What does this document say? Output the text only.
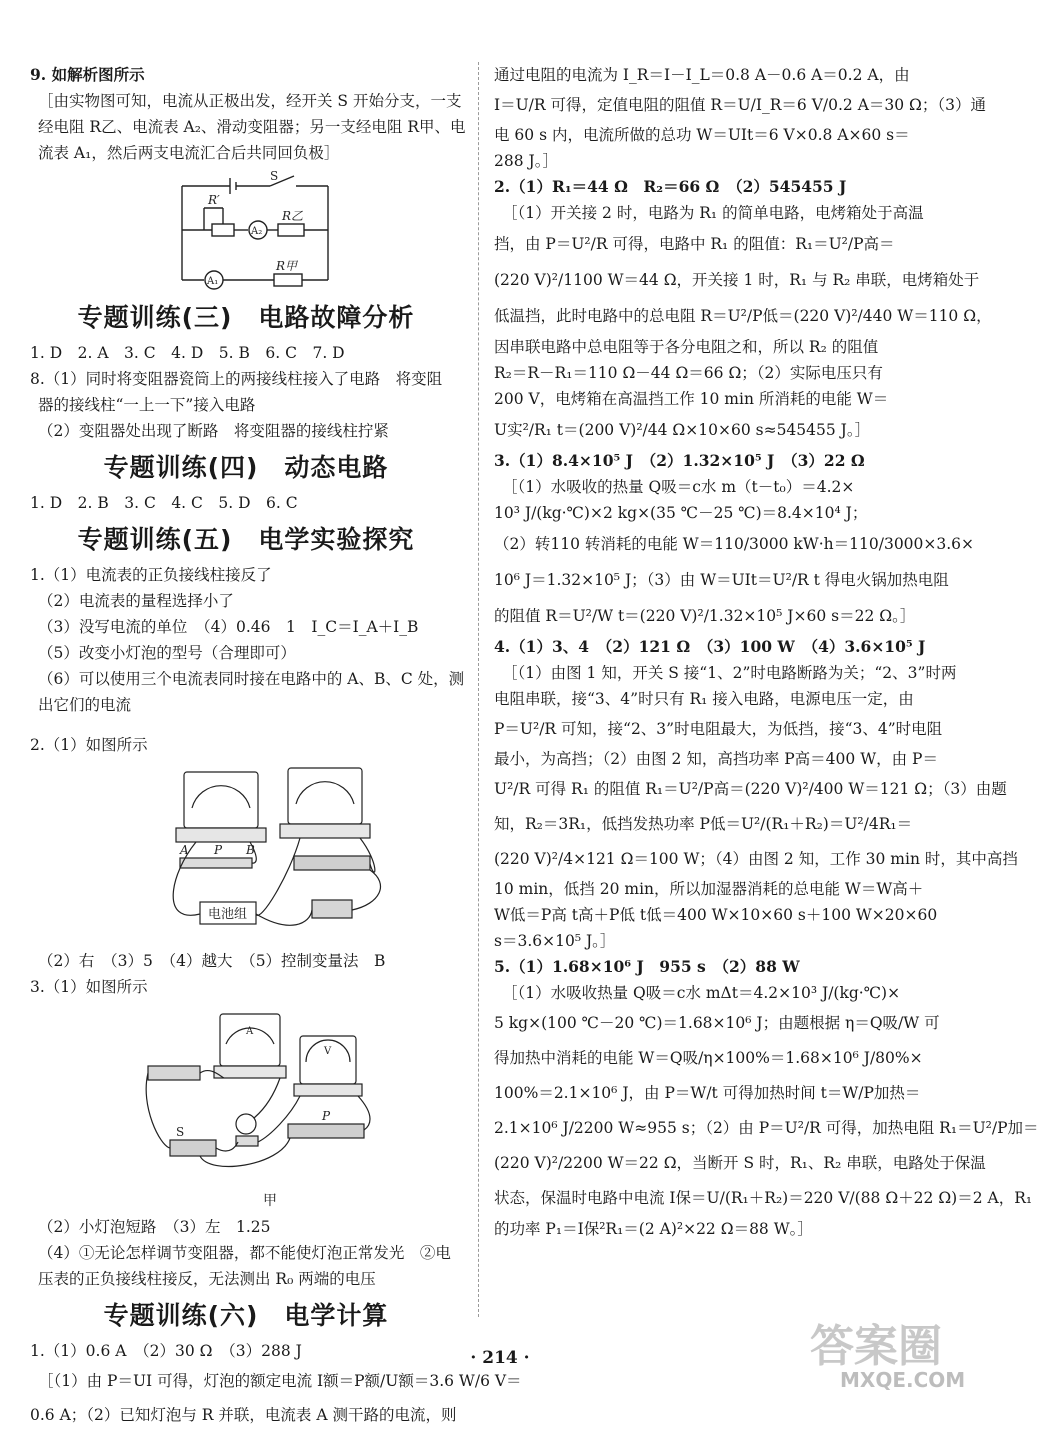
9. 如解析图所示
［由实物图可知，电流从正极出发，经开关 S 开始分支，一支
经电阻 R乙、电流表 A₂、滑动变阻器；另一支经电阻 R甲、电
流表 A₁，然后两支电流汇合后共同回负极］
S
R′
A₂
R乙
A₁
R甲
专题训练(三)　电路故障分析
1. D　2. A　3. C　4. D　5. B　6. C　7. D
8.（1）同时将变阻器瓷筒上的两接线柱接入了电路　将变阻
器的接线柱“一上一下”接入电路
（2）变阻器处出现了断路　将变阻器的接线柱拧紧
专题训练(四)　动态电路
1. D　2. B　3. C　4. C　5. D　6. C
专题训练(五)　电学实验探究
1.（1）电流表的正负接线柱接反了
（2）电流表的量程选择小了
（3）没写电流的单位　（4）0.46　1　I_C＝I_A＋I_B
（5）改变小灯泡的型号（合理即可）
（6）可以使用三个电流表同时接在电路中的 A、B、C 处，测
出它们的电流
2.（1）如图所示
A P B
电池组
（2）右　（3）5　（4）越大　（5）控制变量法　B
3.（1）如图所示
S
A
V
P
甲
（2）小灯泡短路　（3）左　1.25
（4）①无论怎样调节变阻器，都不能使灯泡正常发光　②电
压表的正负接线柱接反，无法测出 R₀ 两端的电压
专题训练(六)　电学计算
1.（1）0.6 A　（2）30 Ω　（3）288 J
［（1）由 P＝UI 可得，灯泡的额定电流 I额＝P额/U额＝3.6 W/6 V＝
0.6 A；（2）已知灯泡与 R 并联，电流表 A 测干路的电流，则
通过电阻的电流为 I_R＝I－I_L＝0.8 A－0.6 A＝0.2 A，由
I＝U/R 可得，定值电阻的阻值 R＝U/I_R＝6 V/0.2 A＝30 Ω；（3）通
电 60 s 内，电流所做的总功 W＝UIt＝6 V×0.8 A×60 s＝
288 J。］
2.（1）R₁＝44 Ω　R₂＝66 Ω　（2）545455 J
［（1）开关接 2 时，电路为 R₁ 的简单电路，电烤箱处于高温
挡，由 P＝U²/R 可得，电路中 R₁ 的阻值：R₁＝U²/P高＝
(220 V)²/1100 W＝44 Ω，开关接 1 时，R₁ 与 R₂ 串联，电烤箱处于
低温挡，此时电路中的总电阻 R＝U²/P低＝(220 V)²/440 W＝110 Ω，
因串联电路中总电阻等于各分电阻之和，所以 R₂ 的阻值
R₂＝R－R₁＝110 Ω－44 Ω＝66 Ω；（2）实际电压只有
200 V，电烤箱在高温挡工作 10 min 所消耗的电能 W＝
U实²/R₁ t＝(200 V)²/44 Ω×10×60 s≈545455 J。］
3.（1）8.4×10⁵ J　（2）1.32×10⁵ J　（3）22 Ω
［（1）水吸收的热量 Q吸＝c水 m（t－t₀）＝4.2×
10³ J/(kg·℃)×2 kg×(35 ℃－25 ℃)＝8.4×10⁴ J；
（2）转110 转消耗的电能 W＝110/3000 kW·h＝110/3000×3.6×
10⁶ J＝1.32×10⁵ J；（3）由 W＝UIt＝U²/R t 得电火锅加热电阻
的阻值 R＝U²/W t＝(220 V)²/1.32×10⁵ J×60 s＝22 Ω。］
4.（1）3、4　（2）121 Ω　（3）100 W　（4）3.6×10⁵ J
［（1）由图 1 知，开关 S 接“1、2”时电路断路为关；“2、3”时两
电阻串联，接“3、4”时只有 R₁ 接入电路，电源电压一定，由
P＝U²/R 可知，接“2、3”时电阻最大，为低挡，接“3、4”时电阻
最小，为高挡；（2）由图 2 知，高挡功率 P高＝400 W，由 P＝
U²/R 可得 R₁ 的阻值 R₁＝U²/P高＝(220 V)²/400 W＝121 Ω；（3）由题
知，R₂＝3R₁，低挡发热功率 P低＝U²/(R₁＋R₂)＝U²/4R₁＝
(220 V)²/4×121 Ω＝100 W；（4）由图 2 知，工作 30 min 时，其中高挡
10 min，低挡 20 min，所以加湿器消耗的总电能 W＝W高＋
W低＝P高 t高＋P低 t低＝400 W×10×60 s＋100 W×20×60
s＝3.6×10⁵ J。］
5.（1）1.68×10⁶ J　955 s　（2）88 W
［（1）水吸收热量 Q吸＝c水 mΔt＝4.2×10³ J/(kg·℃)×
5 kg×(100 ℃－20 ℃)＝1.68×10⁶ J；由题根据 η＝Q吸/W 可
得加热中消耗的电能 W＝Q吸/η×100%＝1.68×10⁶ J/80%×
100%＝2.1×10⁶ J，由 P＝W/t 可得加热时间 t＝W/P加热＝
2.1×10⁶ J/2200 W≈955 s；（2）由 P＝U²/R 可得，加热电阻 R₁＝U²/P加＝
(220 V)²/2200 W＝22 Ω，当断开 S 时，R₁、R₂ 串联，电路处于保温
状态，保温时电路中电流 I保＝U/(R₁＋R₂)＝220 V/(88 Ω＋22 Ω)＝2 A，R₁
的功率 P₁＝I保²R₁＝(2 A)²×22 Ω＝88 W。］
· 214 ·	答案圈
MXQE.COM
